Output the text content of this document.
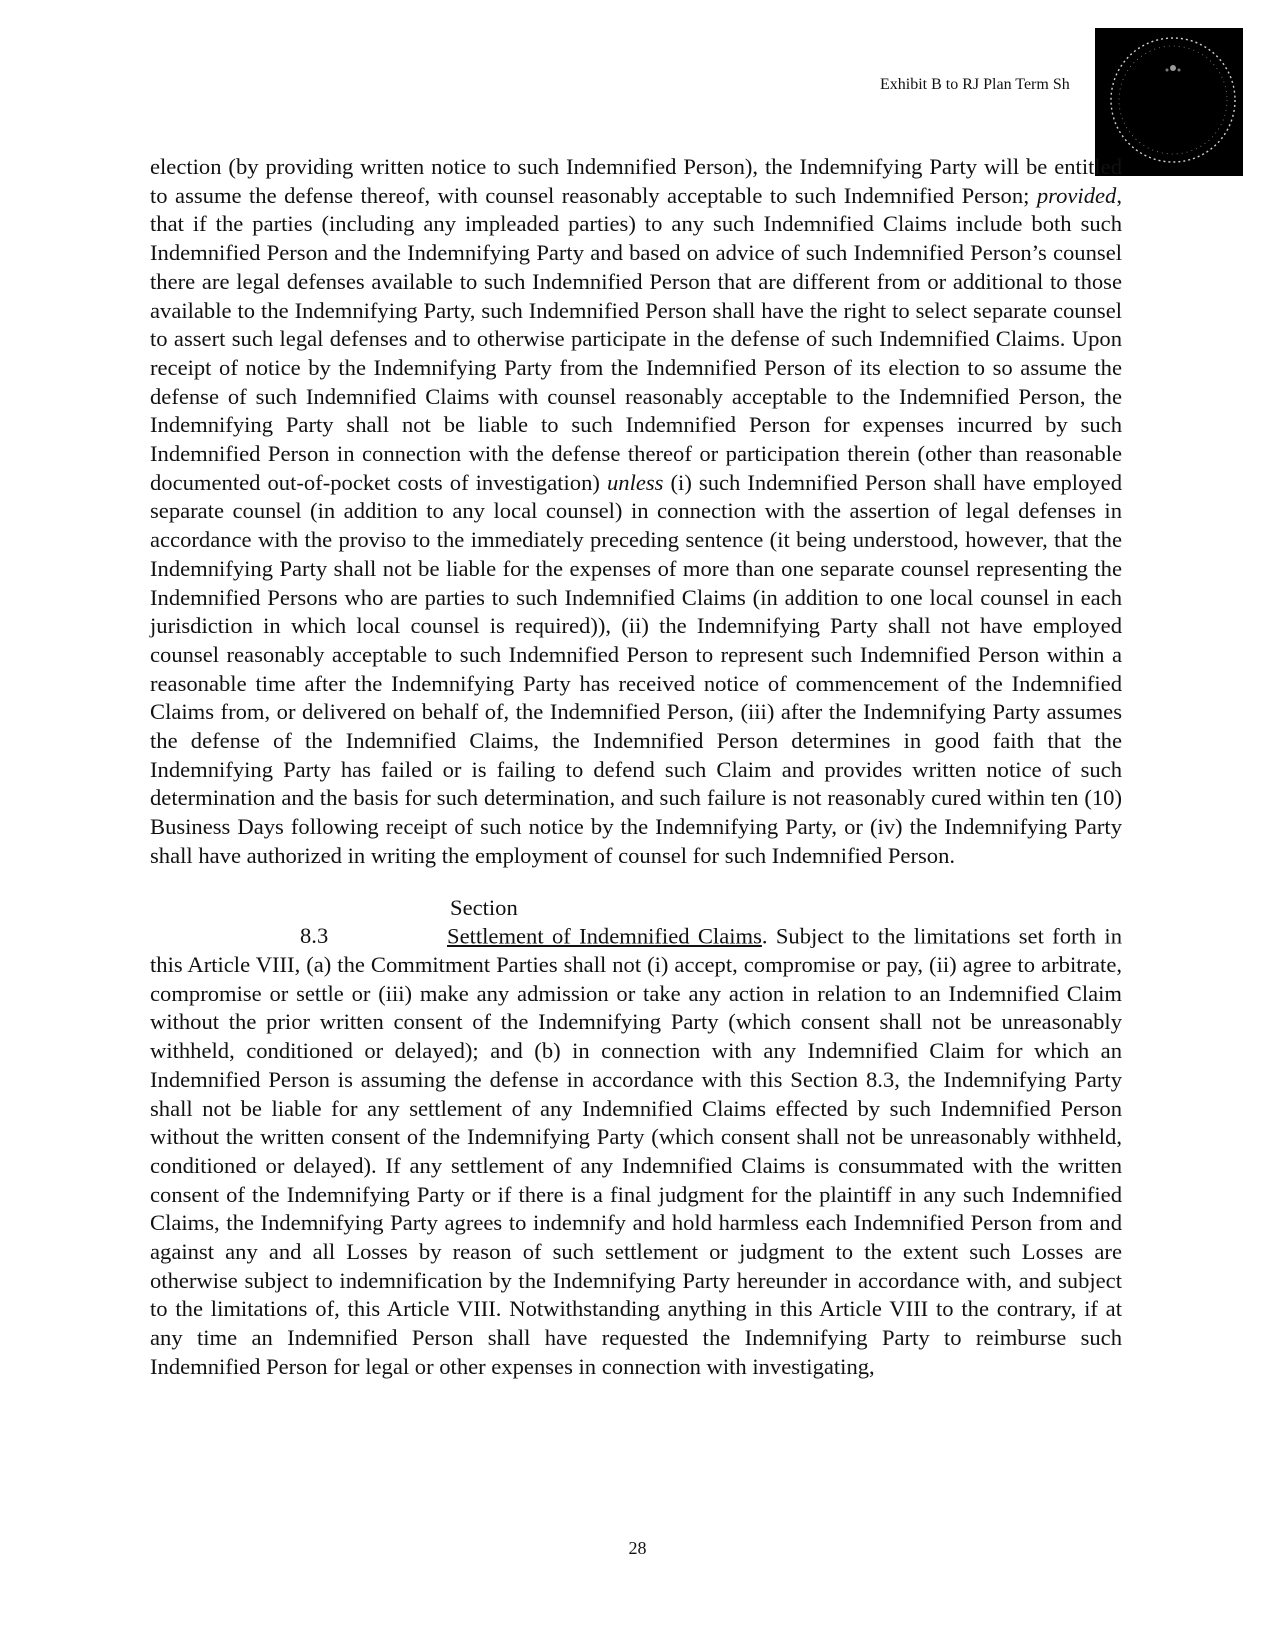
Exhibit B to RJ Plan Term Sh

election (by providing written notice to such Indemnified Person), the Indemnifying Party will be entitled to assume the defense thereof, with counsel reasonably acceptable to such Indemnified Person; provided, that if the parties (including any impleaded parties) to any such Indemnified Claims include both such Indemnified Person and the Indemnifying Party and based on advice of such Indemnified Person’s counsel there are legal defenses available to such Indemnified Person that are different from or additional to those available to the Indemnifying Party, such Indemnified Person shall have the right to select separate counsel to assert such legal defenses and to otherwise participate in the defense of such Indemnified Claims. Upon receipt of notice by the Indemnifying Party from the Indemnified Person of its election to so assume the defense of such Indemnified Claims with counsel reasonably acceptable to the Indemnified Person, the Indemnifying Party shall not be liable to such Indemnified Person for expenses incurred by such Indemnified Person in connection with the defense thereof or participation therein (other than reasonable documented out-of-pocket costs of investigation) unless (i) such Indemnified Person shall have employed separate counsel (in addition to any local counsel) in connection with the assertion of legal defenses in accordance with the proviso to the immediately preceding sentence (it being understood, however, that the Indemnifying Party shall not be liable for the expenses of more than one separate counsel representing the Indemnified Persons who are parties to such Indemnified Claims (in addition to one local counsel in each jurisdiction in which local counsel is required)), (ii) the Indemnifying Party shall not have employed counsel reasonably acceptable to such Indemnified Person to represent such Indemnified Person within a reasonable time after the Indemnifying Party has received notice of commencement of the Indemnified Claims from, or delivered on behalf of, the Indemnified Person, (iii) after the Indemnifying Party assumes the defense of the Indemnified Claims, the Indemnified Person determines in good faith that the Indemnifying Party has failed or is failing to defend such Claim and provides written notice of such determination and the basis for such determination, and such failure is not reasonably cured within ten (10) Business Days following receipt of such notice by the Indemnifying Party, or (iv) the Indemnifying Party shall have authorized in writing the employment of counsel for such Indemnified Person.

Section 8.3	Settlement of Indemnified Claims. Subject to the limitations set forth in this Article VIII, (a) the Commitment Parties shall not (i) accept, compromise or pay, (ii) agree to arbitrate, compromise or settle or (iii) make any admission or take any action in relation to an Indemnified Claim without the prior written consent of the Indemnifying Party (which consent shall not be unreasonably withheld, conditioned or delayed); and (b) in connection with any Indemnified Claim for which an Indemnified Person is assuming the defense in accordance with this Section 8.3, the Indemnifying Party shall not be liable for any settlement of any Indemnified Claims effected by such Indemnified Person without the written consent of the Indemnifying Party (which consent shall not be unreasonably withheld, conditioned or delayed). If any settlement of any Indemnified Claims is consummated with the written consent of the Indemnifying Party or if there is a final judgment for the plaintiff in any such Indemnified Claims, the Indemnifying Party agrees to indemnify and hold harmless each Indemnified Person from and against any and all Losses by reason of such settlement or judgment to the extent such Losses are otherwise subject to indemnification by the Indemnifying Party hereunder in accordance with, and subject to the limitations of, this Article VIII. Notwithstanding anything in this Article VIII to the contrary, if at any time an Indemnified Person shall have requested the Indemnifying Party to reimburse such Indemnified Person for legal or other expenses in connection with investigating,

28
